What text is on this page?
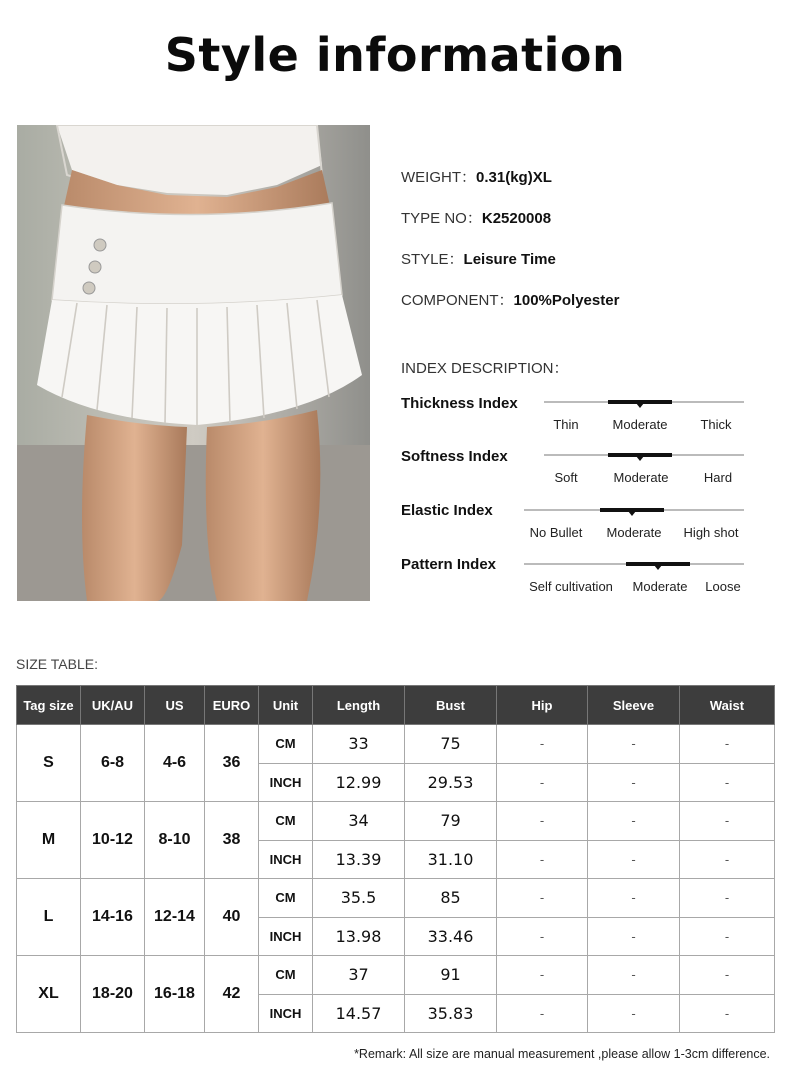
Style information
WEIGHT：0.31(kg)XL
TYPE NO：K2520008
STYLE：Leisure Time
COMPONENT：100%Polyester
INDEX DESCRIPTION：
Thickness Index
Thin	Moderate	Thick
Softness Index
Soft	Moderate	Hard
Elastic Index
No Bullet Moderate High shot
Pattern Index
Self cultivation Moderate Loose
SIZE TABLE:
Tag size	UK/AU	US	EURO	Unit	Length	Bust	Hip	Sleeve	Waist
S	6-8	4-6	36	CM	33	75	-	-	-
				INCH	12.99	29.53	-	-	-
M	10-12	8-10	38	CM	34	79	-	-	-
				INCH	13.39	31.10	-	-	-
L	14-16	12-14	40	CM	35.5	85	-	-	-
				INCH	13.98	33.46	-	-	-
XL	18-20	16-18	42	CM	37	91	-	-	-
				INCH	14.57	35.83	-	-	-
*Remark: All size are manual measurement ,please allow 1-3cm difference.
